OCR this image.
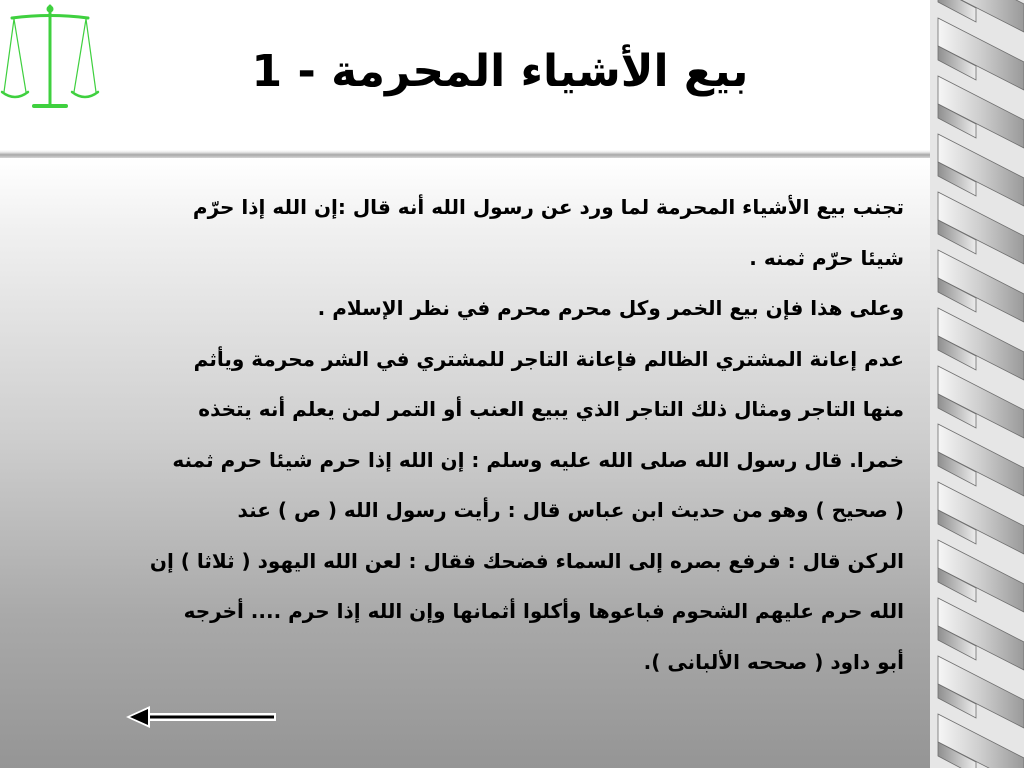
بيع الأشياء المحرمة - 1
تجنب بيع الأشياء المحرمة لما ورد عن رسول الله أنه قال :إن الله إذا حرّم
شيئا حرّم ثمنه .
وعلى هذا فإن بيع الخمر وكل محرم محرم في نظر الإسلام .
عدم إعانة المشتري الظالم فإعانة التاجر للمشتري في الشر محرمة ويأثم
منها التاجر ومثال ذلك التاجر الذي يبيع العنب أو التمر لمن يعلم أنه يتخذه
خمرا. قال رسول الله صلى الله عليه وسلم : إن الله إذا حرم شيئا حرم ثمنه
( صحيح ) وهو من حديث ابن عباس قال : رأيت رسول الله ( ص ) عند
الركن قال : فرفع بصره إلى السماء فضحك فقال : لعن الله اليهود ( ثلاثا ) إن
الله حرم عليهم الشحوم فباعوها وأكلوا أثمانها وإن الله إذا حرم .... أخرجه
أبو داود ( صححه الألبانى ).
